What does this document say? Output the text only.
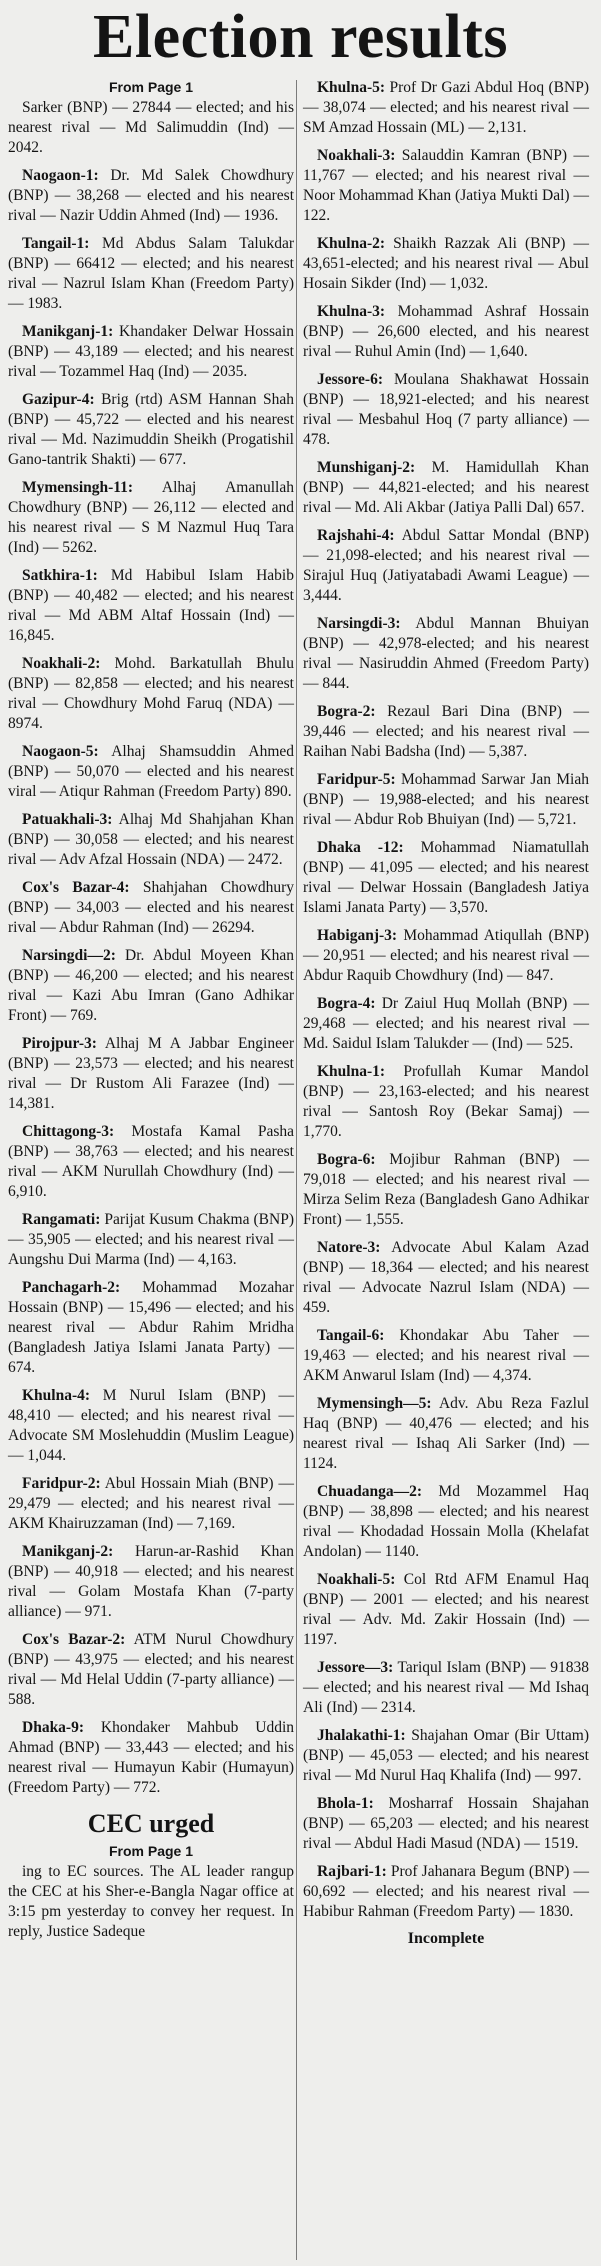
Election results
From Page 1

Sarker (BNP) — 27844 — elected; and his nearest rival — Md Salimuddin (Ind) — 2042.

Naogaon-1: Dr. Md Salek Chowdhury (BNP) — 38,268 — elected and his nearest rival — Nazir Uddin Ahmed (Ind) — 1936.

Tangail-1: Md Abdus Salam Talukdar (BNP) — 66412 — elected; and his nearest rival — Nazrul Islam Khan (Freedom Party) — 1983.

Manikganj-1: Khandaker Delwar Hossain (BNP) — 43,189 — elected; and his nearest rival — Tozammel Haq (Ind) — 2035.

Gazipur-4: Brig (rtd) ASM Hannan Shah (BNP) — 45,722 — elected and his nearest rival — Md. Nazimuddin Sheikh (Progatishil Gano-tantrik Shakti) — 677.

Mymensingh-11: Alhaj Amanullah Chowdhury (BNP) — 26,112 — elected and his nearest rival — S M Nazmul Huq Tara (Ind) — 5262.

Satkhira-1: Md Habibul Islam Habib (BNP) — 40,482 — elected; and his nearest rival — Md ABM Altaf Hossain (Ind) — 16,845.

Noakhali-2: Mohd. Barkatullah Bhulu (BNP) — 82,858 — elected; and his nearest rival — Chowdhury Mohd Faruq (NDA) — 8974.

Naogaon-5: Alhaj Shamsuddin Ahmed (BNP) — 50,070 — elected and his nearest viral — Atiqur Rahman (Freedom Party) 890.

Patuakhali-3: Alhaj Md Shahjahan Khan (BNP) — 30,058 — elected; and his nearest rival — Adv Afzal Hossain (NDA) — 2472.

Cox's Bazar-4: Shahjahan Chowdhury (BNP) — 34,003 — elected and his nearest rival — Abdur Rahman (Ind) — 26294.

Narsingdi—2: Dr. Abdul Moyeen Khan (BNP) — 46,200 — elected; and his nearest rival — Kazi Abu Imran (Gano Adhikar Front) — 769.

Pirojpur-3: Alhaj M A Jabbar Engineer (BNP) — 23,573 — elected; and his nearest rival — Dr Rustom Ali Farazee (Ind) — 14,381.

Chittagong-3: Mostafa Kamal Pasha (BNP) — 38,763 — elected; and his nearest rival — AKM Nurullah Chowdhury (Ind) — 6,910.

Rangamati: Parijat Kusum Chakma (BNP) — 35,905 — elected; and his nearest rival — Aungshu Dui Marma (Ind) — 4,163.

Panchagarh-2: Mohammad Mozahar Hossain (BNP) — 15,496 — elected; and his nearest rival — Abdur Rahim Mridha (Bangladesh Jatiya Islami Janata Party) — 674.

Khulna-4: M Nurul Islam (BNP) — 48,410 — elected; and his nearest rival — Advocate SM Moslehuddin (Muslim League) — 1,044.

Faridpur-2: Abul Hossain Miah (BNP) — 29,479 — elected; and his nearest rival — AKM Khairuzzaman (Ind) — 7,169.

Manikganj-2: Harun-ar-Rashid Khan (BNP) — 40,918 — elected; and his nearest rival — Golam Mostafa Khan (7-party alliance) — 971.

Cox's Bazar-2: ATM Nurul Chowdhury (BNP) — 43,975 — elected; and his nearest rival — Md Helal Uddin (7-party alliance) — 588.

Dhaka-9: Khondaker Mahbub Uddin Ahmad (BNP) — 33,443 — elected; and his nearest rival — Humayun Kabir (Humayun) (Freedom Party) — 772.

CEC urged
From Page 1
ing to EC sources. The AL leader rangup the CEC at his Sher-e-Bangla Nagar office at 3:15 pm yesterday to convey her request. In reply, Justice Sadeque

Khulna-5: Prof Dr Gazi Abdul Hoq (BNP) — 38,074 — elected; and his nearest rival — SM Amzad Hossain (ML) — 2,131.

Noakhali-3: Salauddin Kamran (BNP) — 11,767 — elected; and his nearest rival — Noor Mohammad Khan (Jatiya Mukti Dal) — 122.

Khulna-2: Shaikh Razzak Ali (BNP) — 43,651-elected; and his nearest rival — Abul Hosain Sikder (Ind) — 1,032.

Khulna-3: Mohammad Ashraf Hossain (BNP) — 26,600 elected, and his nearest rival — Ruhul Amin (Ind) — 1,640.

Jessore-6: Moulana Shakhawat Hossain (BNP) — 18,921-elected; and his nearest rival — Mesbahul Hoq (7 party alliance) — 478.

Munshiganj-2: M. Hamidullah Khan (BNP) — 44,821-elected; and his nearest rival — Md. Ali Akbar (Jatiya Palli Dal) 657.

Rajshahi-4: Abdul Sattar Mondal (BNP) — 21,098-elected; and his nearest rival — Sirajul Huq (Jatiyatabadi Awami League) — 3,444.

Narsingdi-3: Abdul Mannan Bhuiyan (BNP) — 42,978-elected; and his nearest rival — Nasiruddin Ahmed (Freedom Party) — 844.

Bogra-2: Rezaul Bari Dina (BNP) — 39,446 — elected; and his nearest rival — Raihan Nabi Badsha (Ind) — 5,387.

Faridpur-5: Mohammad Sarwar Jan Miah (BNP) — 19,988-elected; and his nearest rival — Abdur Rob Bhuiyan (Ind) — 5,721.

Dhaka -12: Mohammad Niamatullah (BNP) — 41,095 — elected; and his nearest rival — Delwar Hossain (Bangladesh Jatiya Islami Janata Party) — 3,570.

Habiganj-3: Mohammad Atiqullah (BNP) — 20,951 — elected; and his nearest rival — Abdur Raquib Chowdhury (Ind) — 847.

Bogra-4: Dr Zaiul Huq Mollah (BNP) — 29,468 — elected; and his nearest rival — Md. Saidul Islam Talukder — (Ind) — 525.

Khulna-1: Profullah Kumar Mandol (BNP) — 23,163-elected; and his nearest rival — Santosh Roy (Bekar Samaj) — 1,770.

Bogra-6: Mojibur Rahman (BNP) — 79,018 — elected; and his nearest rival — Mirza Selim Reza (Bangladesh Gano Adhikar Front) — 1,555.

Natore-3: Advocate Abul Kalam Azad (BNP) — 18,364 — elected; and his nearest rival — Advocate Nazrul Islam (NDA) — 459.

Tangail-6: Khondakar Abu Taher — 19,463 — elected; and his nearest rival — AKM Anwarul Islam (Ind) — 4,374.

Mymensingh—5: Adv. Abu Reza Fazlul Haq (BNP) — 40,476 — elected; and his nearest rival — Ishaq Ali Sarker (Ind) — 1124.

Chuadanga—2: Md Mozammel Haq (BNP) — 38,898 — elected; and his nearest rival — Khodadad Hossain Molla (Khelafat Andolan) — 1140.

Noakhali-5: Col Rtd AFM Enamul Haq (BNP) — 2001 — elected; and his nearest rival — Adv. Md. Zakir Hossain (Ind) — 1197.

Jessore—3: Tariqul Islam (BNP) — 91838 — elected; and his nearest rival — Md Ishaq Ali (Ind) — 2314.

Jhalakathi-1: Shajahan Omar (Bir Uttam) (BNP) — 45,053 — elected; and his nearest rival — Md Nurul Haq Khalifa (Ind) — 997.

Bhola-1: Mosharraf Hossain Shajahan (BNP) — 65,203 — elected; and his nearest rival — Abdul Hadi Masud (NDA) — 1519.

Rajbari-1: Prof Jahanara Begum (BNP) — 60,692 — elected; and his nearest rival — Habibur Rahman (Freedom Party) — 1830.

Incomplete
